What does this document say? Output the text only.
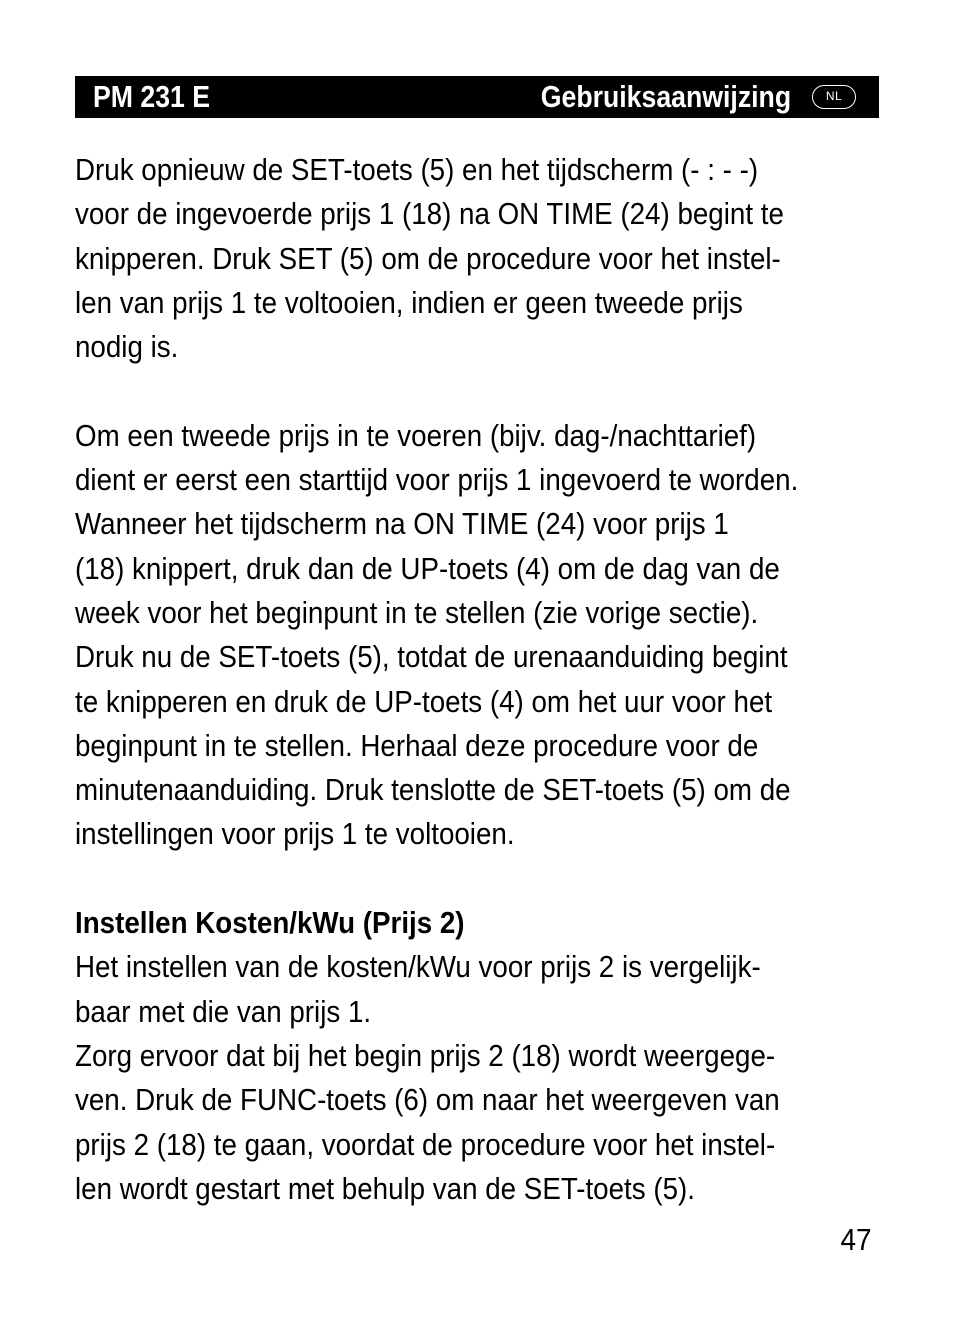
PM 231 E	Gebruiksaanwijzing	NL
Druk opnieuw de SET-toets (5) en het tijdscherm (- : - -)
voor de ingevoerde prijs 1 (18) na ON TIME (24) begint te
knipperen. Druk SET (5) om de procedure voor het instel-
len van prijs 1 te voltooien, indien er geen tweede prijs
nodig is.
Om een tweede prijs in te voeren (bijv. dag-/nachttarief)
dient er eerst een starttijd voor prijs 1 ingevoerd te worden.
Wanneer het tijdscherm na ON TIME (24) voor prijs 1
(18) knippert, druk dan de UP-toets (4) om de dag van de
week voor het beginpunt in te stellen (zie vorige sectie).
Druk nu de SET-toets (5), totdat de urenaanduiding begint
te knipperen en druk de UP-toets (4) om het uur voor het
beginpunt in te stellen. Herhaal deze procedure voor de
minutenaanduiding. Druk tenslotte de SET-toets (5) om de
instellingen voor prijs 1 te voltooien.
Instellen Kosten/kWu (Prijs 2)
Het instellen van de kosten/kWu voor prijs 2 is vergelijk-
baar met die van prijs 1.
Zorg ervoor dat bij het begin prijs 2 (18) wordt weergege-
ven. Druk de FUNC-toets (6) om naar het weergeven van
prijs 2 (18) te gaan, voordat de procedure voor het instel-
len wordt gestart met behulp van de SET-toets (5).
47
